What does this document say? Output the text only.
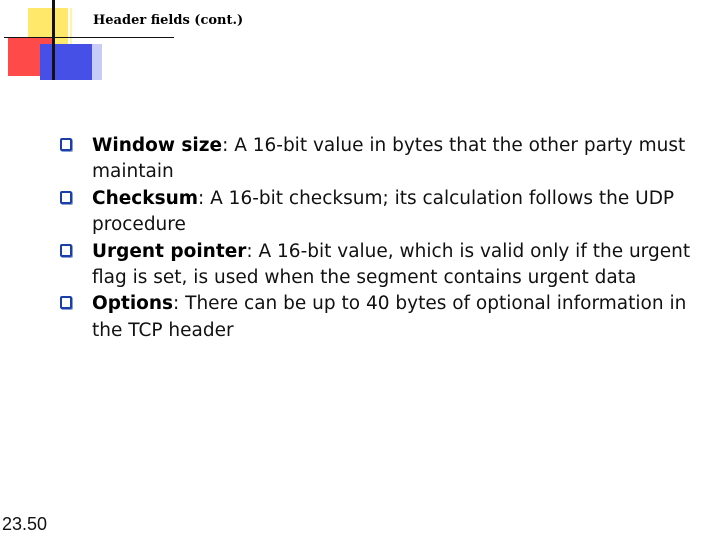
Header fields (cont.)
Window size: A 16-bit value in bytes that the other party must maintain
Checksum: A 16-bit checksum; its calculation follows the UDP procedure
Urgent pointer: A 16-bit value, which is valid only if the urgent flag is set, is used when the segment contains urgent data
Options: There can be up to 40 bytes of optional information in the TCP header
23.50
